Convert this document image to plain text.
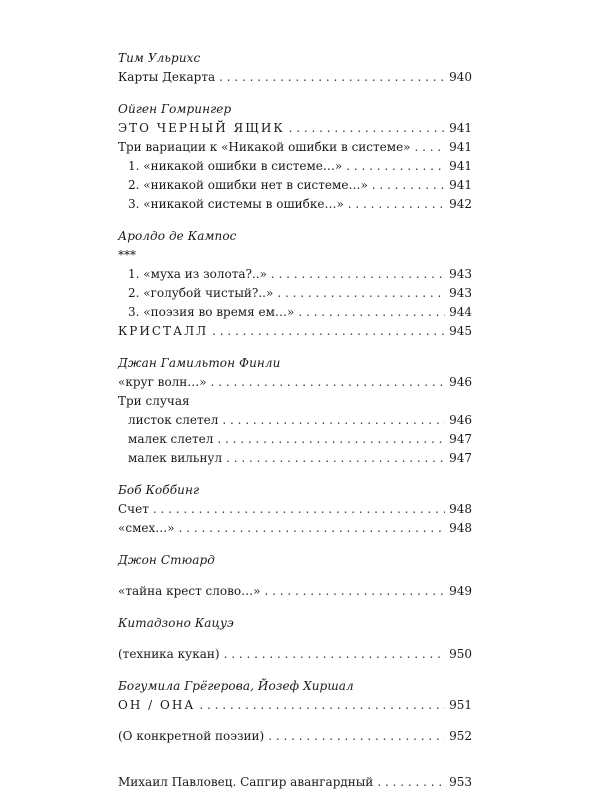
Тим Ульрихс
Карты Декарта . . .	940
Ойген Гомрингер
ЭТО ЧЕРНЫЙ ЯЩИК . . .	941
Три вариации к «Никакой ошибки в системе» . . .	941
1. «никакой ошибки в системе…» . . .	941
2. «никакой ошибки нет в системе…» . . .	941
3. «никакой системы в ошибке…» . . .	942
Аролдо де Кампос
***
1. «муха из золота?..» . . .	943
2. «голубой чистый?..» . . .	943
3. «поэзия во время ем…» . . .	944
КРИСТАЛЛ . . .	945
Джан Гамильтон Финли
«круг волн…» . . .	946
Три случая
листок слетел . . .	946
малек слетел . . .	947
малек вильнул . . .	947
Боб Коббинг
Счет . . .	948
«смех…» . . .	948
Джон Стюард
«тайна крест слово…» . . .	949
Китадзоно Кацуэ
(техника кукан) . . .	950
Богумила Грёгерова, Йозеф Хиршал
ОН / ОНА . . .	951
(О конкретной поэзии) . . .	952
Михаил Павловец. Сапгир авангардный . . .	953
